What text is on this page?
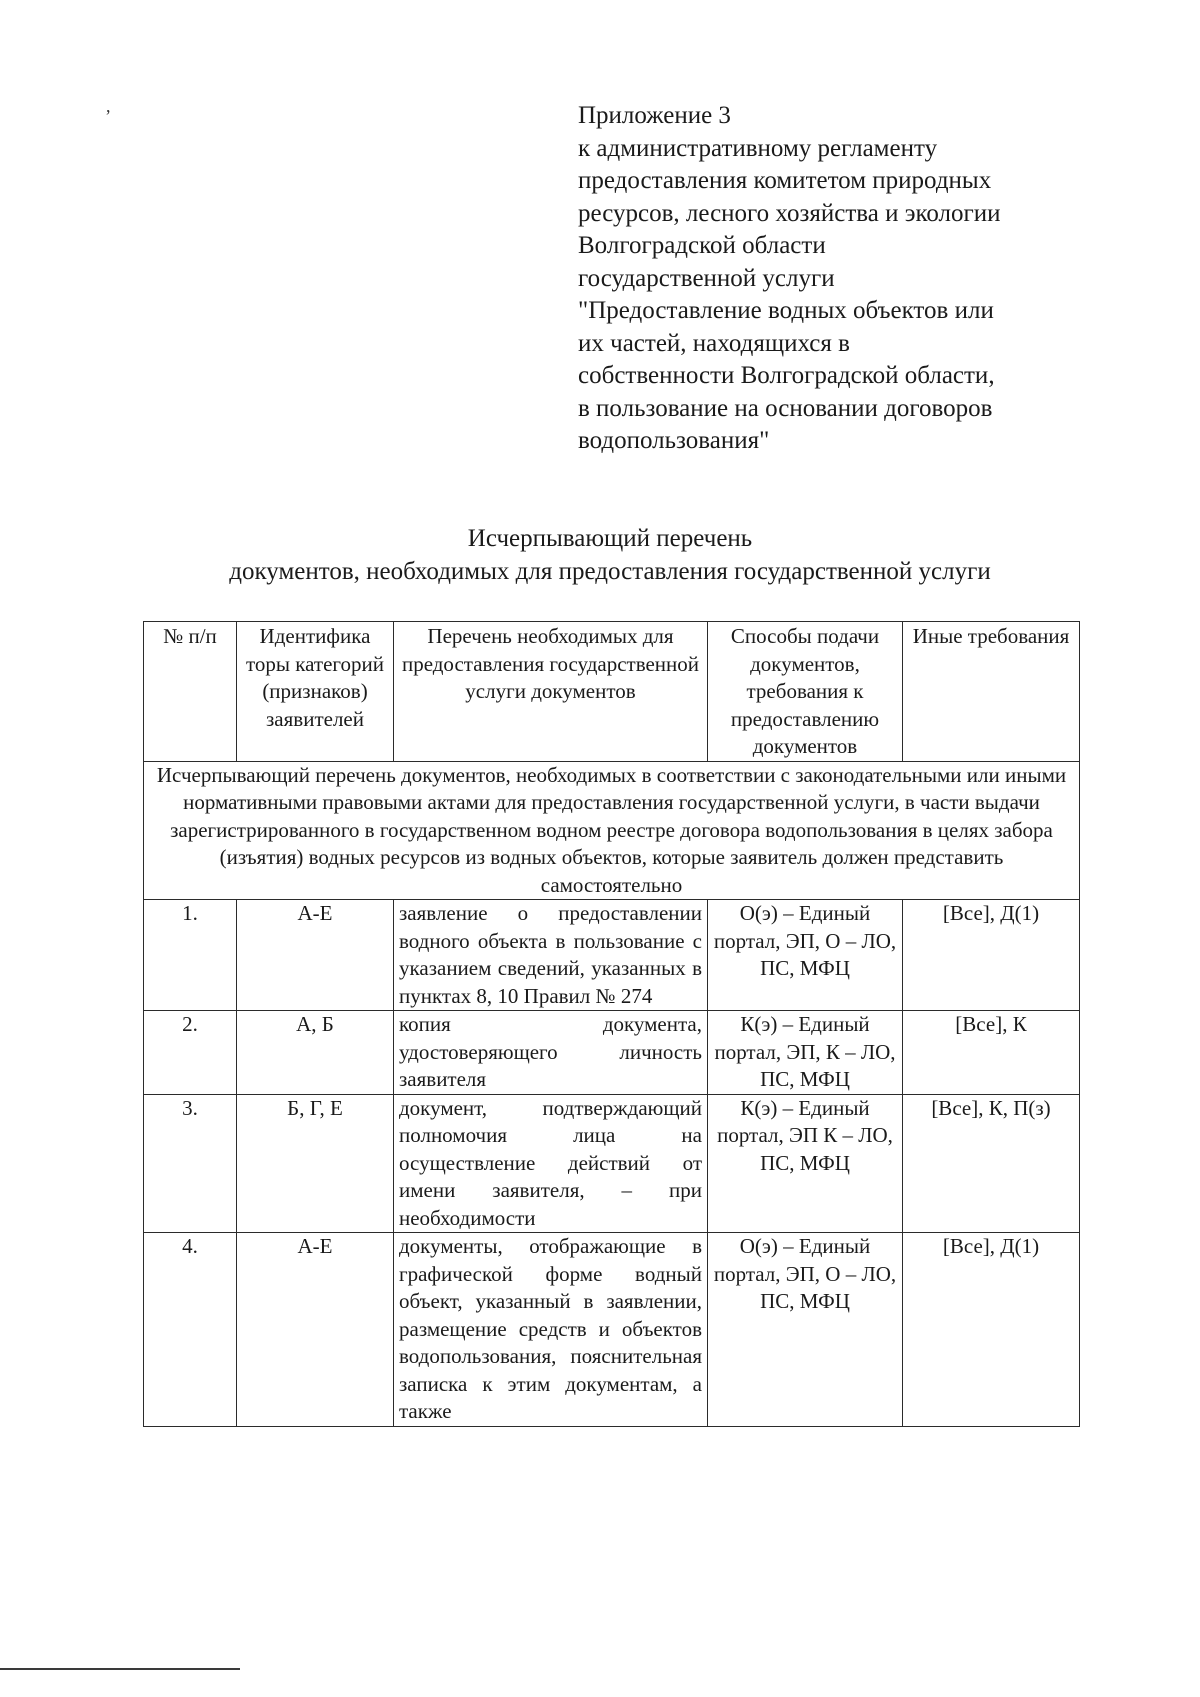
,	Приложение 3
к административному регламенту
предоставления комитетом природных
ресурсов, лесного хозяйства и экологии
Волгоградской области
государственной услуги
"Предоставление водных объектов или
их частей, находящихся в
собственности Волгоградской области,
в пользование на основании договоров
водопользования"
Исчерпывающий перечень
документов, необходимых для предоставления государственной услуги
№ п/п	Идентифика торы категорий (признаков) заявителей	Перечень необходимых для предоставления государственной услуги документов	Способы подачи документов, требования к предоставлению документов	Иные требования
Исчерпывающий перечень документов, необходимых в соответствии с законодательными или иными нормативными правовыми актами для предоставления государственной услуги, в части выдачи зарегистрированного в государственном водном реестре договора водопользования в целях забора (изъятия) водных ресурсов из водных объектов, которые заявитель должен представить самостоятельно				
1.	А-Е	заявление о предоставлении водного объекта в пользование с указанием сведений, указанных в пунктах 8, 10 Правил № 274	О(э) – Единый портал, ЭП, О – ЛО, ПС, МФЦ	[Все], Д(1)
2.	А, Б	копия документа, удостоверяющего личность заявителя	К(э) – Единый портал, ЭП, К – ЛО, ПС, МФЦ	[Все], К
3.	Б, Г, Е	документ, подтверждающий полномочия лица на осуществление действий от имени заявителя, – при необходимости	К(э) – Единый портал, ЭП К – ЛО, ПС, МФЦ	[Все], К, П(з)
4.	А-Е	документы, отображающие в графической форме водный объект, указанный в заявлении, размещение средств и объектов водопользования, пояснительная записка к этим документам, а также	О(э) – Единый портал, ЭП, О – ЛО, ПС, МФЦ	[Все], Д(1)
